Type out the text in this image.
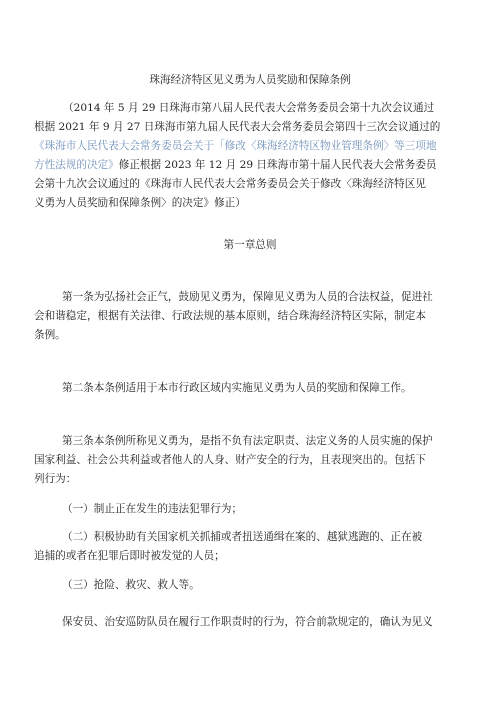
珠海经济特区见义勇为人员奖励和保障条例
（2014 年 5 月 29 日珠海市第八届人民代表大会常务委员会第十九次会议通过
根据 2021 年 9 月 27 日珠海市第九届人民代表大会常务委员会第四十三次会议通过的
《珠海市人民代表大会常务委员会关于「修改〈珠海经济特区物业管理条例〉等三项地
方性法规的决定》修正根据 2023 年 12 月 29 日珠海市第十届人民代表大会常务委员
会第十九次会议通过的《珠海市人民代表大会常务委员会关于修改〈珠海经济特区见
义勇为人员奖励和保障条例〉的决定》修正）
第一章总则
第一条为弘扬社会正气，鼓励见义勇为，保障见义勇为人员的合法权益，促进社
会和谐稳定，根据有关法律、行政法规的基本原则，结合珠海经济特区实际，制定本
条例。
第二条本条例适用于本市行政区域内实施见义勇为人员的奖励和保障工作。
第三条本条例所称见义勇为，是指不负有法定职责、法定义务的人员实施的保护
国家利益、社会公共利益或者他人的人身、财产安全的行为，且表现突出的。包括下
列行为：
（一）制止正在发生的违法犯罪行为；
（二）积极协助有关国家机关抓捕或者扭送通缉在案的、越狱逃跑的、正在被
追捕的或者在犯罪后即时被发觉的人员；
（三）抢险、救灾、救人等。
保安员、治安巡防队员在履行工作职责时的行为，符合前款规定的，确认为见义
